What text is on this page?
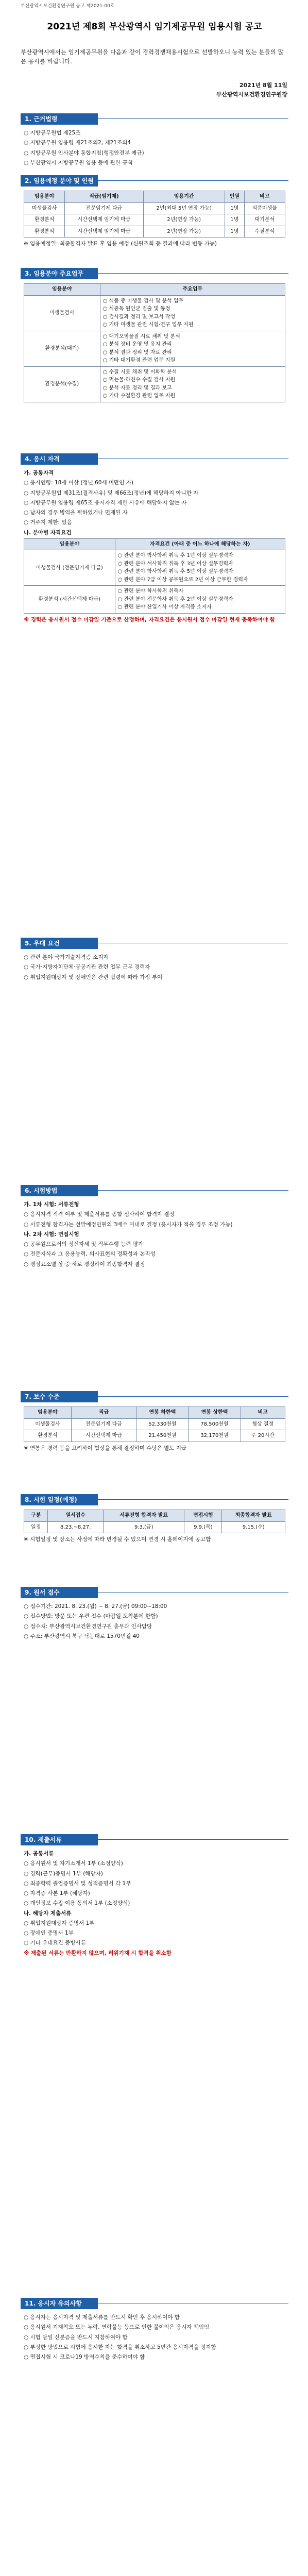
부산광역시보건환경연구원 공고 제2021-00호
2021년 제8회 부산광역시 임기제공무원 임용시험 공고
부산광역시에서는 임기제공무원을 다음과 같이 경력경쟁채용시험으로 선발하오니 능력 있는 분들의 많은 응시를 바랍니다.
2021년 8월 11일
부산광역시보건환경연구원장
1. 근거법령

○ 지방공무원법 제25조

○ 지방공무원 임용령 제21조의2, 제21조의4

○ 지방공무원 인사분야 통합지침(행정안전부 예규)

○ 부산광역시 지방공무원 임용 등에 관한 규칙

2. 임용예정 분야 및 인원
임용분야	직급(임기제)	임용기간	인원	비고
미생물검사	전문임기제 다급	2년(최대 5년 연장 가능)	1명	식품미생물
환경분석	시간선택제 임기제 마급	2년(연장 가능)	1명	대기분석
환경분석	시간선택제 임기제 마급	2년(연장 가능)	1명	수질분석

※ 임용예정일: 최종합격자 발표 후 임용 예정 (신원조회 등 결과에 따라 변동 가능)

3. 임용분야 주요업무
임용분야	주요업무
미생물검사	○ 식품 중 미생물 검사 및 분석 업무
○ 식중독 원인균 검출 및 동정
○ 검사결과 정리 및 보고서 작성
○ 기타 미생물 관련 시험·연구 업무 지원
환경분석(대기)	○ 대기오염물질 시료 채취 및 분석
○ 분석 장비 운영 및 유지 관리
○ 분석 결과 정리 및 자료 관리
○ 기타 대기환경 관련 업무 지원
환경분석(수질)	○ 수질 시료 채취 및 이화학 분석
○ 먹는물·하천수 수질 검사 지원
○ 분석 자료 정리 및 결과 보고
○ 기타 수질환경 관련 업무 지원
4. 응시 자격

가. 공통자격

○ 응시연령: 18세 이상 (정년 60세 미만인 자)

○ 지방공무원법 제31조(결격사유) 및 제66조(정년)에 해당하지 아니한 자

○ 지방공무원 임용령 제65조 응시자격 제한 사유에 해당하지 않는 자

○ 남자의 경우 병역을 필하였거나 면제된 자

○ 거주지 제한: 없음

나. 분야별 자격요건

임용분야	자격요건 (아래 중 어느 하나에 해당하는 자)
미생물검사 (전문임기제 다급)	○ 관련 분야 박사학위 취득 후 1년 이상 실무경력자
○ 관련 분야 석사학위 취득 후 3년 이상 실무경력자
○ 관련 분야 학사학위 취득 후 5년 이상 실무경력자
○ 관련 분야 7급 이상 공무원으로 2년 이상 근무한 경력자
환경분석 (시간선택제 마급)	○ 관련 분야 학사학위 취득자
○ 관련 분야 전문학사 취득 후 2년 이상 실무경력자
○ 관련 분야 산업기사 이상 자격증 소지자

※ 경력은 응시원서 접수 마감일 기준으로 산정하며, 자격요건은 응시원서 접수 마감일 현재 충족하여야 함

5. 우대 요건

○ 관련 분야 국가기술자격증 소지자

○ 국가·지방자치단체·공공기관 관련 업무 근무 경력자

○ 취업지원대상자 및 장애인은 관련 법령에 따라 가점 부여

6. 시험방법

가. 1차 시험: 서류전형

○ 응시자격 적격 여부 및 제출서류를 종합 심사하여 합격자 결정

○ 서류전형 합격자는 선발예정인원의 3배수 이내로 결정 (응시자가 적을 경우 조정 가능)

나. 2차 시험: 면접시험

○ 공무원으로서의 정신자세 및 직무수행 능력 평가

○ 전문지식과 그 응용능력, 의사표현의 정확성과 논리성

○ 평정요소별 상·중·하로 평정하여 최종합격자 결정

7. 보수 수준
임용분야	직급	연봉 하한액	연봉 상한액	비고
미생물검사	전문임기제 다급	52,330천원	78,500천원	협상 결정
환경분석	시간선택제 마급	21,450천원	32,170천원	주 20시간

※ 연봉은 경력 등을 고려하여 협상을 통해 결정하며 수당은 별도 지급

8. 시험 일정(예정)
구분	원서접수	서류전형 합격자 발표	면접시험	최종합격자 발표
일정	8.23.~8.27.	9.3.(금)	9.9.(목)	9.15.(수)

※ 시험일정 및 장소는 사정에 따라 변경될 수 있으며 변경 시 홈페이지에 공고함

9. 원서 접수

○ 접수기간: 2021. 8. 23.(월) ~ 8. 27.(금) 09:00~18:00

○ 접수방법: 방문 또는 우편 접수 (마감일 도착분에 한함)

○ 접수처: 부산광역시보건환경연구원 총무과 인사담당

○ 주소: 부산광역시 북구 낙동대로 1570번길 40

10. 제출서류

가. 공통서류

○ 응시원서 및 자기소개서 1부 (소정양식)

○ 경력(근무)증명서 1부 (해당자)

○ 최종학력 졸업증명서 및 성적증명서 각 1부

○ 자격증 사본 1부 (해당자)

○ 개인정보 수집·이용 동의서 1부 (소정양식)

나. 해당자 제출서류

○ 취업지원대상자 증명서 1부

○ 장애인 증명서 1부

○ 기타 우대요건 증빙서류

※ 제출된 서류는 반환하지 않으며, 허위기재 시 합격을 취소함

11. 응시자 유의사항

○ 응시자는 응시자격 및 제출서류를 반드시 확인 후 응시하여야 함

○ 응시원서 기재착오 또는 누락, 연락불능 등으로 인한 불이익은 응시자 책임임

○ 시험 당일 신분증을 반드시 지참하여야 함

○ 부정한 방법으로 시험에 응시한 자는 합격을 취소하고 5년간 응시자격을 정지함

○ 면접시험 시 코로나19 방역수칙을 준수하여야 함
